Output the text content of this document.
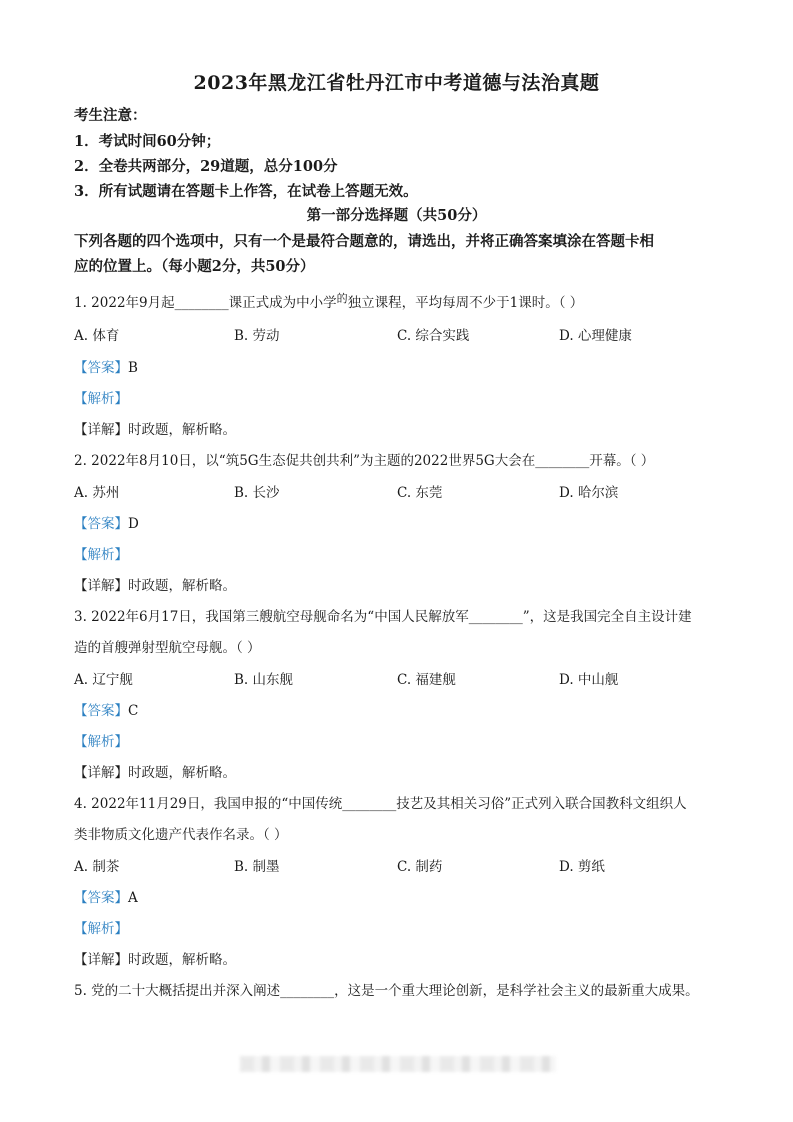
2023年黑龙江省牡丹江市中考道德与法治真题
考生注意：
1．考试时间60分钟；
2．全卷共两部分，29道题，总分100分
3．所有试题请在答题卡上作答，在试卷上答题无效。
第一部分选择题（共50分）
下列各题的四个选项中，只有一个是最符合题意的，请选出，并将正确答案填涂在答题卡相
应的位置上。（每小题2分，共50分）
1. 2022年9月起________课正式成为中小学$^的$独立课程，平均每周不少于1课时。（ ）
A. 体育	B. 劳动	C. 综合实践	D. 心理健康
【答案】B
【解析】
【详解】时政题，解析略。
2. 2022年8月10日，以“筑5G生态促共创共利”为主题的2022世界5G大会在________开幕。（ ）
A. 苏州	B. 长沙	C. 东莞	D. 哈尔滨
【答案】D
【解析】
【详解】时政题，解析略。
3. 2022年6月17日，我国第三艘航空母舰命名为“中国人民解放军________”，这是我国完全自主设计建
造的首艘弹射型航空母舰。（ ）
A. 辽宁舰	B. 山东舰	C. 福建舰	D. 中山舰
【答案】C
【解析】
【详解】时政题，解析略。
4. 2022年11月29日，我国申报的“中国传统________技艺及其相关习俗”正式列入联合国教科文组织人
类非物质文化遗产代表作名录。（ ）
A. 制茶	B. 制墨	C. 制药	D. 剪纸
【答案】A
【解析】
【详解】时政题，解析略。
5. 党的二十大概括提出并深入阐述________，这是一个重大理论创新，是科学社会主义的最新重大成果。
